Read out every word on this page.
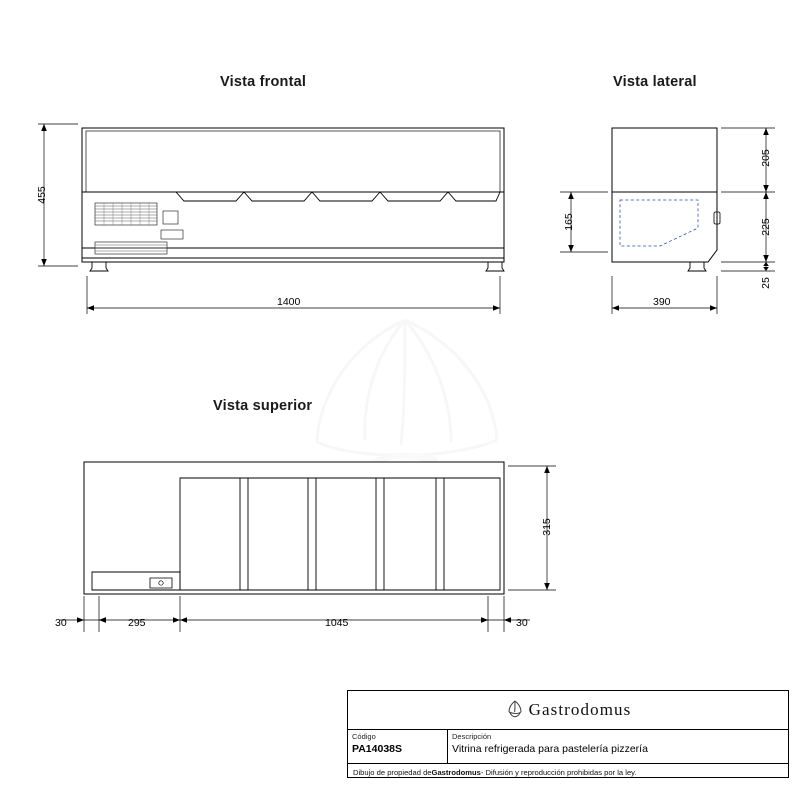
Vista frontal	Vista lateral
Vista superior
455
1400
205
225
25
165
390
315
30	295	1045	30
Gastrodomus
Código
PA14038S
Descripción
Vitrina refrigerada para pastelería pizzería
Dibujo de propiedad de Gastrodomus - Difusión y reproducción prohibidas por la ley.
